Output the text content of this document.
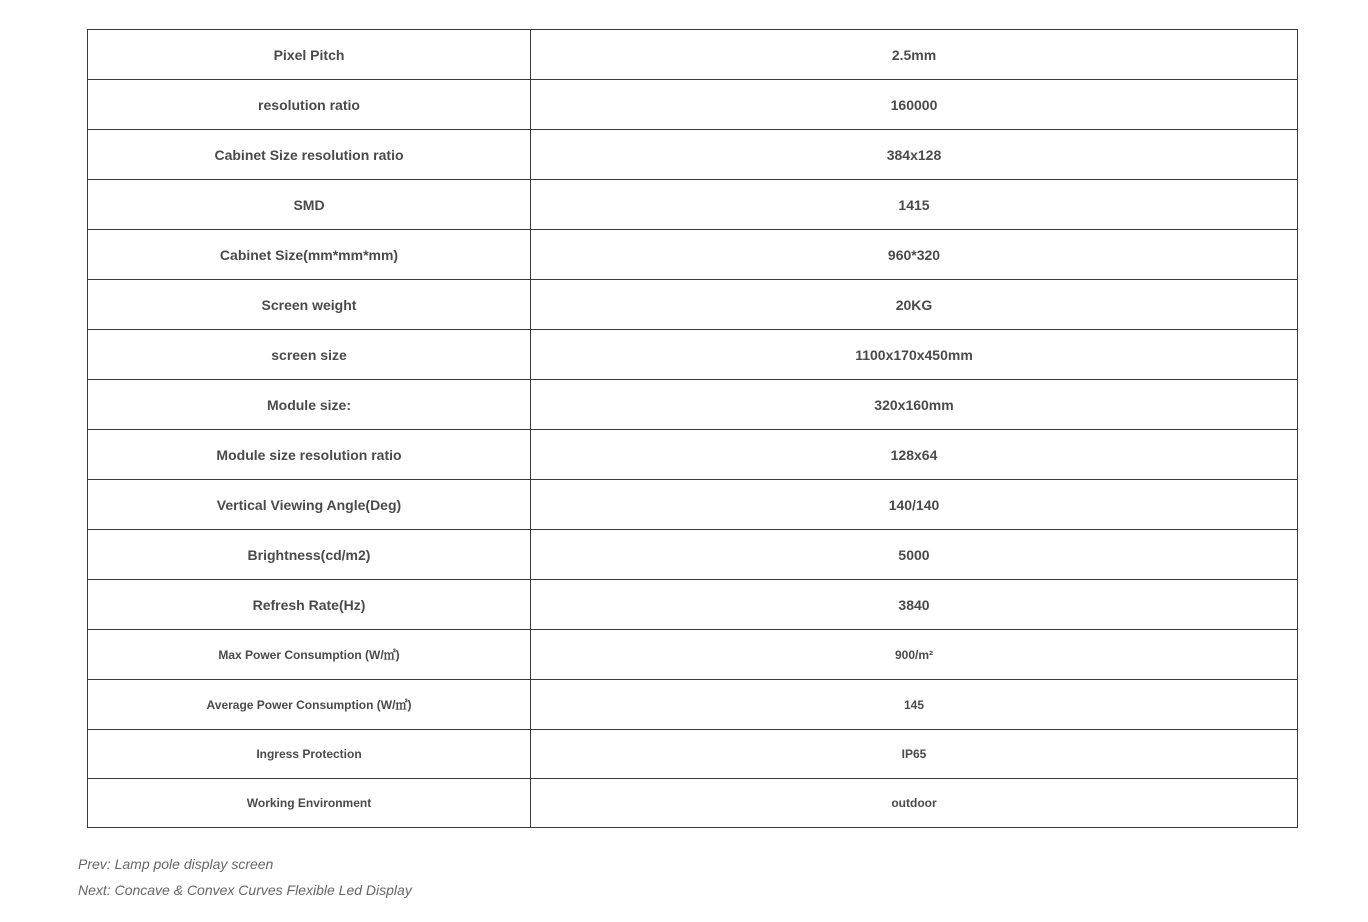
Pixel Pitch	2.5mm
resolution ratio	160000
Cabinet Size resolution ratio	384x128
SMD	1415
Cabinet Size(mm*mm*mm)	960*320
Screen weight	20KG
screen size	1100x170x450mm
Module size:	320x160mm
Module size resolution ratio	128x64
Vertical Viewing Angle(Deg)	140/140
Brightness(cd/m2)	5000
Refresh Rate(Hz)	3840
Max Power Consumption (W/㎡)	900/m²
Average Power Consumption (W/㎡)	145
Ingress Protection	IP65
Working Environment	outdoor
Prev: Lamp pole display screen
Next: Concave & Convex Curves Flexible Led Display
